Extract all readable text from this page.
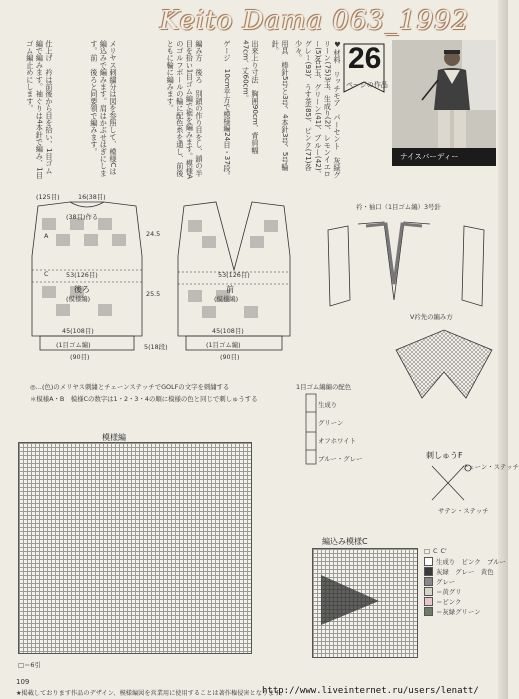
Keito Dama 063_1992
♥材料　リッチモア　パーセント　灰緑グリーン(75)3玉、生成り(2)、レモンイエロー(5)各1玉、グリーン(41)、ブルー(42)、グレー(93)、うす茶(85)、ピンク(71)各少々。
用具　棒針5号と3号、4本針3号、5号輪針。
出来上り寸法　胸囲90cm、背肩幅47cm、丈60cm。
ゲージ　10cm平方で模様編24目・37段。
編み方　後ろ　別鎖の作り目をし、鎖の半目を拾い1目ゴム編で裾を編みます。模様Aのゴルフボールの輪に配色糸を通し、前後ともに輪に編みます。
メリヤス刺繍分は図を参照して、模様Cは編込みで編みます。肩はかぶせはぎにします。前　後ろと同要領で編みます。
仕上げ　衿は前後から目を拾い、1目ゴム編で編みます。袖ぐりは4本針で編み、1目ゴム編止めにします。	26
ページの作品
ナイスバーディー
(125目)	16(38目)
(38目)作る
A
C	53(126目)
後ろ
(模様編)
45(108目)
(1目ゴム編)
(90目)
24.5
25.5
5(18段)
53(126目)
前
(模様編)
45(108目)
(1目ゴム編)
(90目)
衿・袖口（1目ゴム編）3号針
V衿先の編み方
◎…(色)のメリヤス刺繍とチェーンステッチでGOLFの文字を刺繍する
＊模様A・B　模様Cの数字は1・2・3・4の順に模様の色と同じで刺しゅうする
1目ゴム編編の配色
生成り
グリーン
オフホワイト
ブルー・グレー	刺しゅうF
チェーン・ステッチ
サテン・ステッチ
模様編
編込み模様C
□ C C'
生成り　ピンク　ブルー
灰緑　グレー　黄色
グレー
＝黄グリ
＝ピンク
＝灰緑グリーン
109
□＝6引
★掲載しております作品のデザイン、模様編図を営業用に使用することは著作権侵害となります。
http://www.liveinternet.ru/users/lenatt/
